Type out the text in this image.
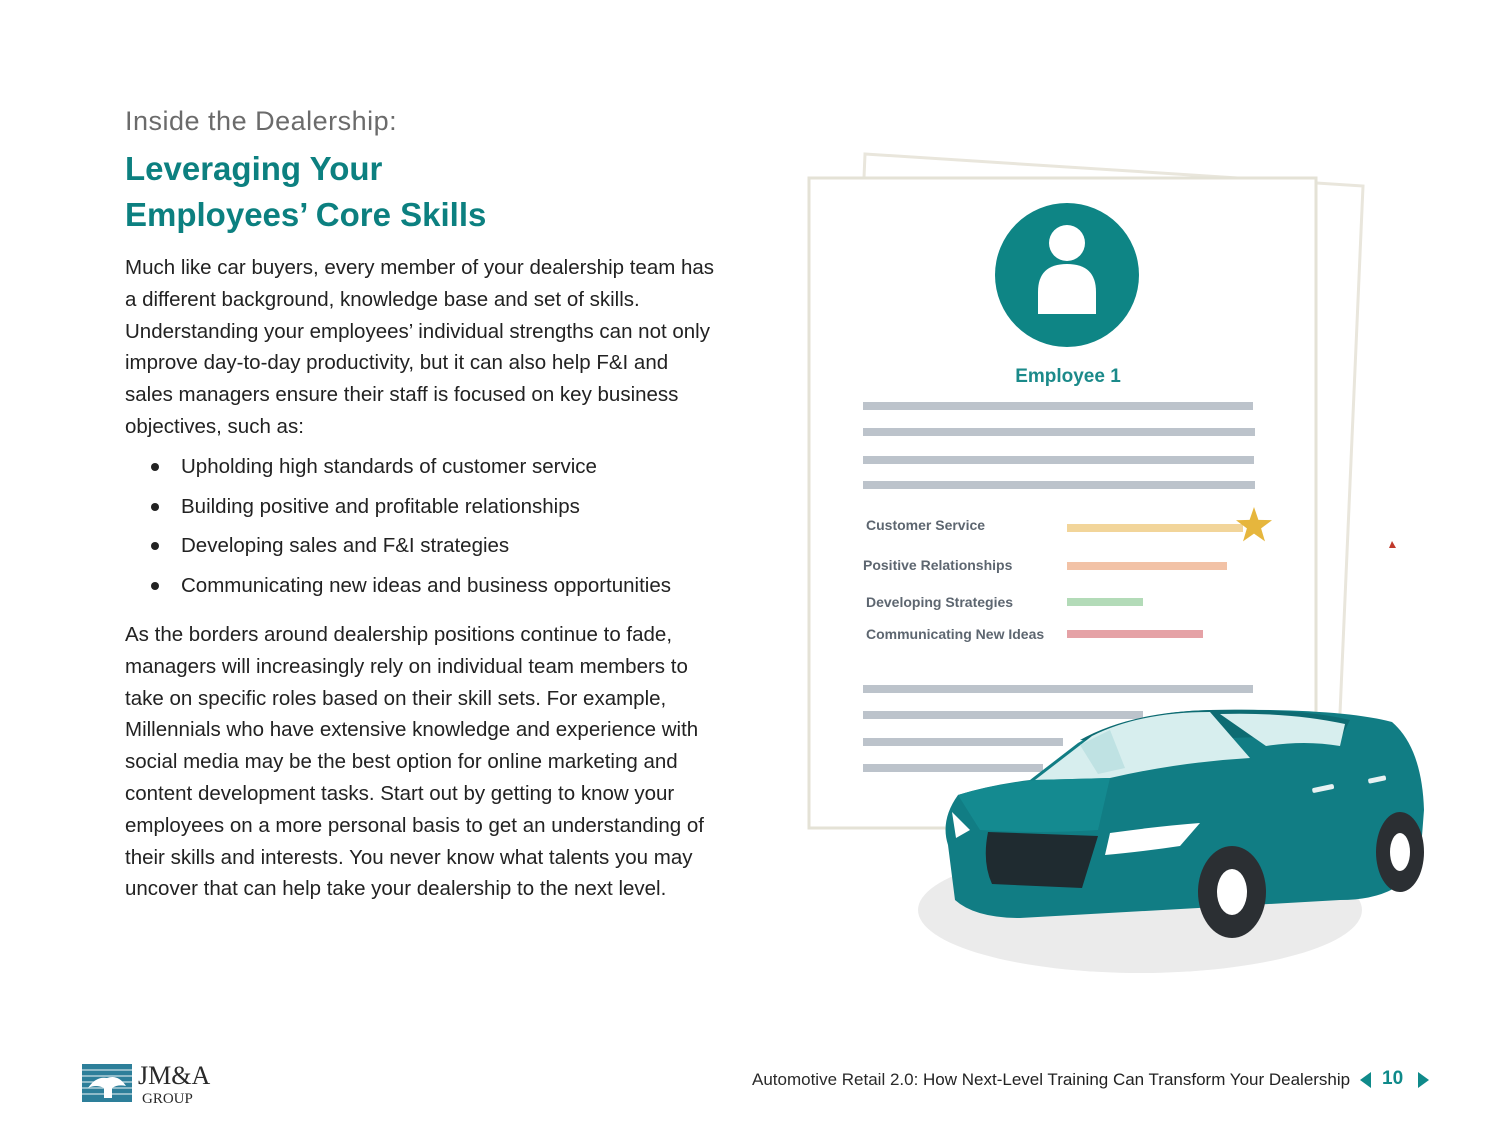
Inside the Dealership:
Leveraging Your
Employees’ Core Skills

Much like car buyers, every member of your dealership team has a different background, knowledge base and set of skills. Understanding your employees’ individual strengths can not only improve day-to-day productivity, but it can also help F&I and sales managers ensure their staff is focused on key business objectives, such as:

Upholding high standards of customer service
Building positive and profitable relationships
Developing sales and F&I strategies
Communicating new ideas and business opportunities

As the borders around dealership positions continue to fade, managers will increasingly rely on individual team members to take on specific roles based on their skill sets. For example, Millennials who have extensive knowledge and experience with social media may be the best option for online marketing and content development tasks. Start out by getting to know your employees on a more personal basis to get an understanding of their skills and interests. You never know what talents you may uncover that can help take your dealership to the next level.

Employee 1
Customer Service
Positive Relationships
Developing Strategies
Communicating New Ideas
JM&A
GROUP
Automotive Retail 2.0: How Next-Level Training Can Transform Your Dealership 10
